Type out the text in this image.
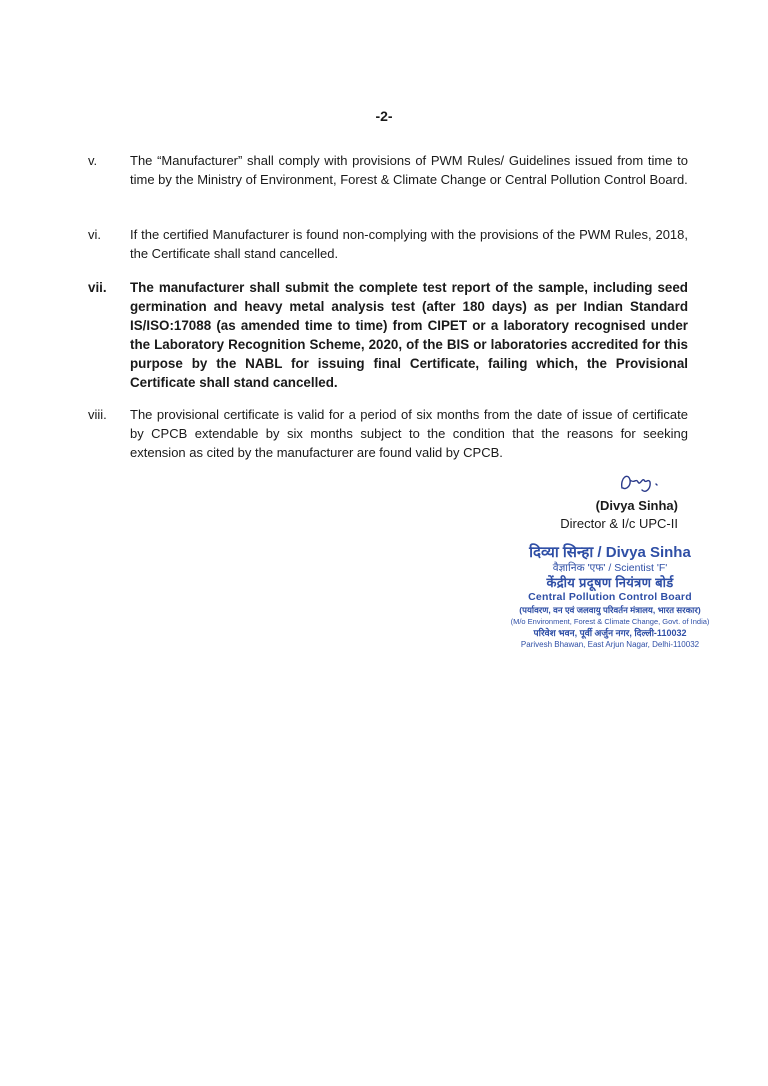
-2-
v.	The “Manufacturer” shall comply with provisions of PWM Rules/ Guidelines issued from time to time by the Ministry of Environment, Forest & Climate Change or Central Pollution Control Board.
vi.	If the certified Manufacturer is found non-complying with the provisions of the PWM Rules, 2018, the Certificate shall stand cancelled.
vii.	The manufacturer shall submit the complete test report of the sample, including seed germination and heavy metal analysis test (after 180 days) as per Indian Standard IS/ISO:17088 (as amended time to time) from CIPET or a laboratory recognised under the Laboratory Recognition Scheme, 2020, of the BIS or laboratories accredited for this purpose by the NABL for issuing final Certificate, failing which, the Provisional Certificate shall stand cancelled.
viii.	The provisional certificate is valid for a period of six months from the date of issue of certificate by CPCB extendable by six months subject to the condition that the reasons for seeking extension as cited by the manufacturer are found valid by CPCB.
(Divya Sinha)
Director & I/c UPC-II
दिव्या सिन्हा / Divya Sinha
वैज्ञानिक 'एफ' / Scientist 'F'
केंद्रीय प्रदूषण नियंत्रण बोर्ड
Central Pollution Control Board
(पर्यावरण, वन एवं जलवायु परिवर्तन मंत्रालय, भारत सरकार)
(M/o Environment, Forest & Climate Change, Govt. of India)
परिवेश भवन, पूर्वी अर्जुन नगर, दिल्ली-110032
Parivesh Bhawan, East Arjun Nagar, Delhi-110032
